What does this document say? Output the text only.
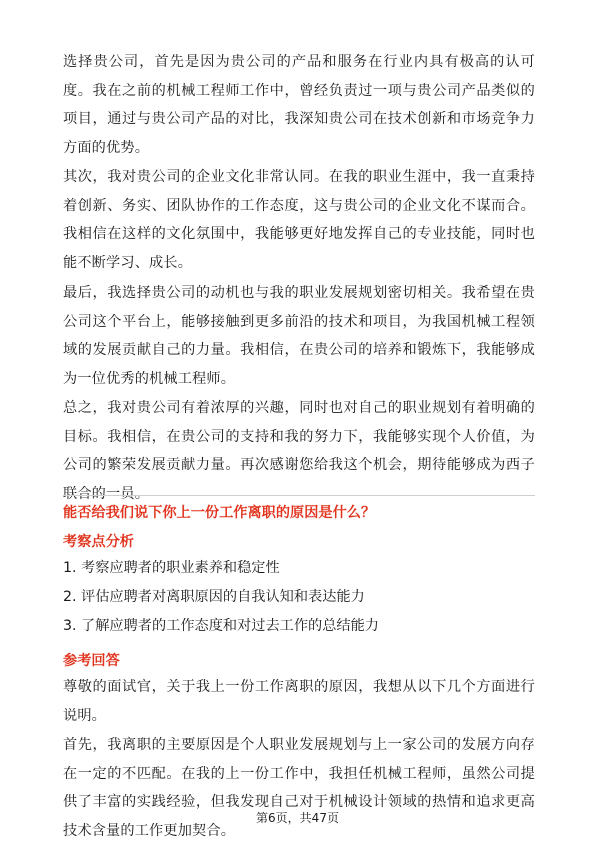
选择贵公司，首先是因为贵公司的产品和服务在行业内具有极高的认可度。我在之前的机械工程师工作中，曾经负责过一项与贵公司产品类似的项目，通过与贵公司产品的对比，我深知贵公司在技术创新和市场竞争力方面的优势。

其次，我对贵公司的企业文化非常认同。在我的职业生涯中，我一直秉持着创新、务实、团队协作的工作态度，这与贵公司的企业文化不谋而合。我相信在这样的文化氛围中，我能够更好地发挥自己的专业技能，同时也能不断学习、成长。

最后，我选择贵公司的动机也与我的职业发展规划密切相关。我希望在贵公司这个平台上，能够接触到更多前沿的技术和项目，为我国机械工程领域的发展贡献自己的力量。我相信，在贵公司的培养和锻炼下，我能够成为一位优秀的机械工程师。

总之，我对贵公司有着浓厚的兴趣，同时也对自己的职业规划有着明确的目标。我相信，在贵公司的支持和我的努力下，我能够实现个人价值，为公司的繁荣发展贡献力量。再次感谢您给我这个机会，期待能够成为西子联合的一员。

能否给我们说下你上一份工作离职的原因是什么？
考察点分析
1. 考察应聘者的职业素养和稳定性
2. 评估应聘者对离职原因的自我认知和表达能力
3. 了解应聘者的工作态度和对过去工作的总结能力
参考回答

尊敬的面试官，关于我上一份工作离职的原因，我想从以下几个方面进行说明。

首先，我离职的主要原因是个人职业发展规划与上一家公司的发展方向存在一定的不匹配。在我的上一份工作中，我担任机械工程师，虽然公司提供了丰富的实践经验，但我发现自己对于机械设计领域的热情和追求更高技术含量的工作更加契合。

第6页，共47页
